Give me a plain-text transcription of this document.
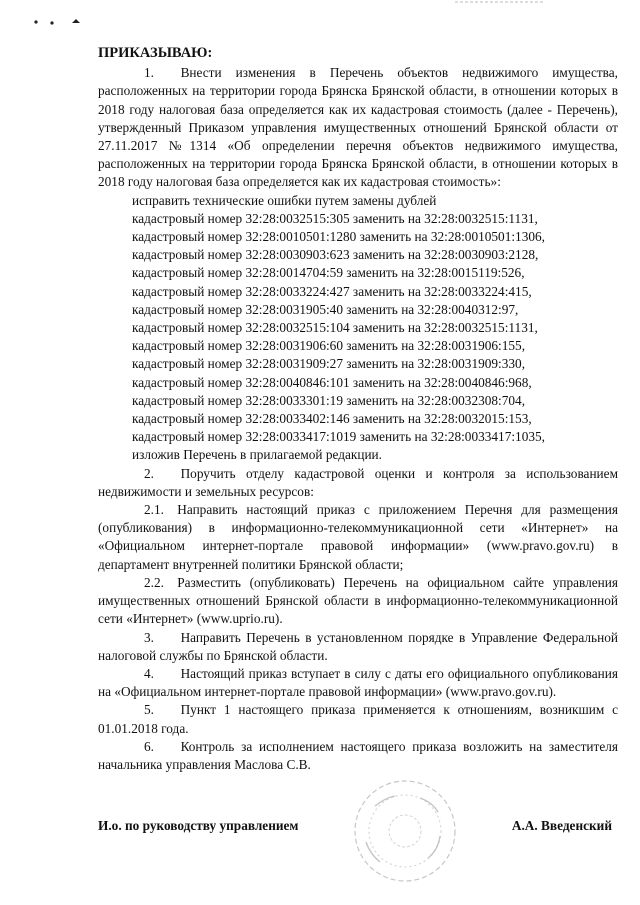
ПРИКАЗЫВАЮ:

1.  Внести изменения в Перечень объектов недвижимого имущества, расположенных на территории города Брянска Брянской области, в отношении которых в 2018 году налоговая база определяется как их кадастровая стоимость (далее - Перечень), утвержденный Приказом управления имущественных отношений Брянской области от 27.11.2017 №1314 «Об определении перечня объектов недвижимого имущества, расположенных на территории города Брянска Брянской области, в отношении которых в 2018 году налоговая база определяется как их кадастровая стоимость»:

исправить технические ошибки путем замены дублей
кадастровый номер 32:28:0032515:305 заменить на 32:28:0032515:1131,
кадастровый номер 32:28:0010501:1280 заменить на 32:28:0010501:1306,
кадастровый номер 32:28:0030903:623 заменить на 32:28:0030903:2128,
кадастровый номер 32:28:0014704:59 заменить на 32:28:0015119:526,
кадастровый номер 32:28:0033224:427 заменить на 32:28:0033224:415,
кадастровый номер 32:28:0031905:40 заменить на 32:28:0040312:97,
кадастровый номер 32:28:0032515:104 заменить на 32:28:0032515:1131,
кадастровый номер 32:28:0031906:60 заменить на 32:28:0031906:155,
кадастровый номер 32:28:0031909:27 заменить на 32:28:0031909:330,
кадастровый номер 32:28:0040846:101 заменить на 32:28:0040846:968,
кадастровый номер 32:28:0033301:19 заменить на 32:28:0032308:704,
кадастровый номер 32:28:0033402:146 заменить на 32:28:0032015:153,
кадастровый номер 32:28:0033417:1019 заменить на 32:28:0033417:1035,
изложив Перечень в прилагаемой редакции.

2.  Поручить отделу кадастровой оценки и контроля за использованием недвижимости и земельных ресурсов:

2.1. Направить настоящий приказ с приложением Перечня для размещения (опубликования) в информационно-телекоммуникационной сети «Интернет» на «Официальном интернет-портале правовой информации» (www.pravo.gov.ru) в департамент внутренней политики Брянской области;

2.2. Разместить (опубликовать) Перечень на официальном сайте управления имущественных отношений Брянской области в информационно-телекоммуникационной сети «Интернет» (www.uprio.ru).

3.  Направить Перечень в установленном порядке в Управление Федеральной налоговой службы по Брянской области.

4.  Настоящий приказ вступает в силу с даты его официального опубликования на «Официальном интернет-портале правовой информации» (www.pravo.gov.ru).

5.  Пункт 1 настоящего приказа применяется к отношениям, возникшим с 01.01.2018 года.

6.  Контроль за исполнением настоящего приказа возложить на заместителя начальника управления Маслова С.В.

И.о. по руководству управлением	А.А. Введенский
